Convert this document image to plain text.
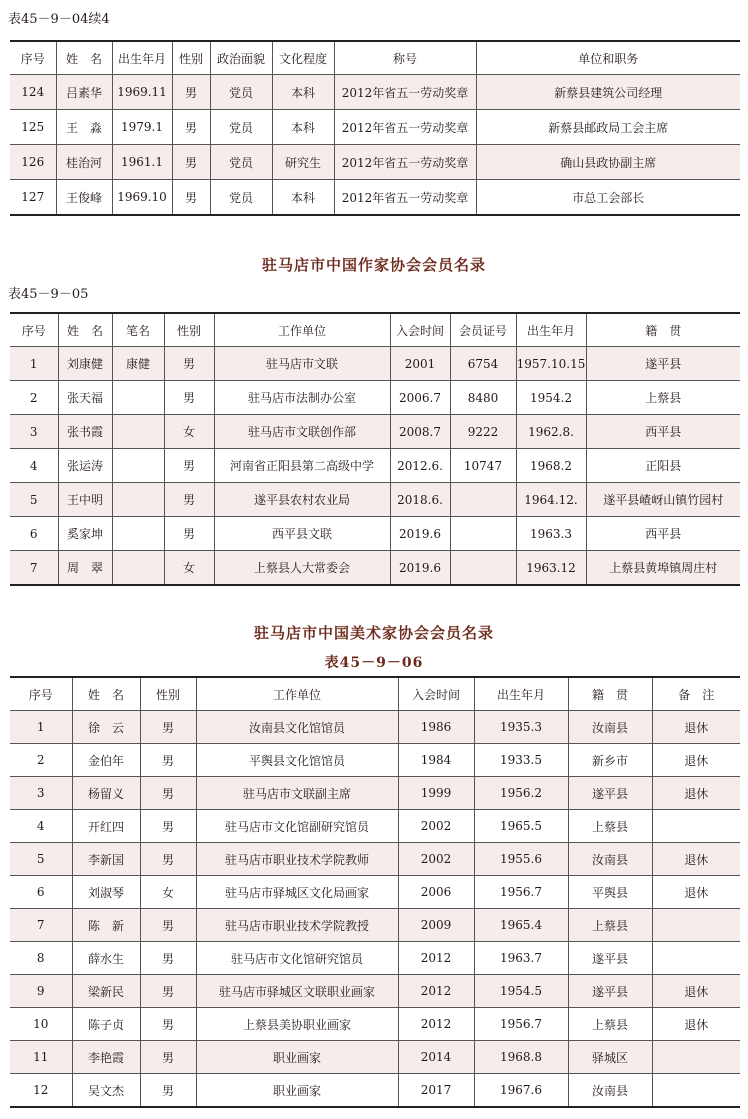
表45－9－04续4
序号	姓　名	出生年月	性别	政治面貌	文化程度	称号	单位和职务
124	吕素华	1969.11	男	党员	本科	2012年省五一劳动奖章	新蔡县建筑公司经理
125	王　淼	1979.1	男	党员	本科	2012年省五一劳动奖章	新蔡县邮政局工会主席
126	桂治河	1961.1	男	党员	研究生	2012年省五一劳动奖章	确山县政协副主席
127	王俊峰	1969.10	男	党员	本科	2012年省五一劳动奖章	市总工会部长
驻马店市中国作家协会会员名录
表45－9－05
序号	姓　名	笔名	性别	工作单位	入会时间	会员证号	出生年月	籍　贯
1	刘康健	康健	男	驻马店市文联	2001	6754	1957.10.15	遂平县
2	张天福		男	驻马店市法制办公室	2006.7	8480	1954.2	上蔡县
3	张书霞		女	驻马店市文联创作部	2008.7	9222	1962.8.	西平县
4	张运涛		男	河南省正阳县第二高级中学	2012.6.	10747	1968.2	正阳县
5	王中明		男	遂平县农村农业局	2018.6.		1964.12.	遂平县嵖岈山镇竹园村
6	奚家坤		男	西平县文联	2019.6		1963.3	西平县
7	周　翠		女	上蔡县人大常委会	2019.6		1963.12	上蔡县黄埠镇周庄村
驻马店市中国美术家协会会员名录
表45－9－06
序号	姓　名	性别	工作单位	入会时间	出生年月	籍　贯	备　注
1	徐　云	男	汝南县文化馆馆员	1986	1935.3	汝南县	退休
2	金伯年	男	平舆县文化馆馆员	1984	1933.5	新乡市	退休
3	杨留义	男	驻马店市文联副主席	1999	1956.2	遂平县	退休
4	开红四	男	驻马店市文化馆副研究馆员	2002	1965.5	上蔡县	
5	李新国	男	驻马店市职业技术学院教师	2002	1955.6	汝南县	退休
6	刘淑琴	女	驻马店市驿城区文化局画家	2006	1956.7	平舆县	退休
7	陈　新	男	驻马店市职业技术学院教授	2009	1965.4	上蔡县	
8	薛水生	男	驻马店市文化馆研究馆员	2012	1963.7	遂平县	
9	梁新民	男	驻马店市驿城区文联职业画家	2012	1954.5	遂平县	退休
10	陈子贞	男	上蔡县美协职业画家	2012	1956.7	上蔡县	退休
11	李艳霞	男	职业画家	2014	1968.8	驿城区	
12	吴文杰	男	职业画家	2017	1967.6	汝南县	
